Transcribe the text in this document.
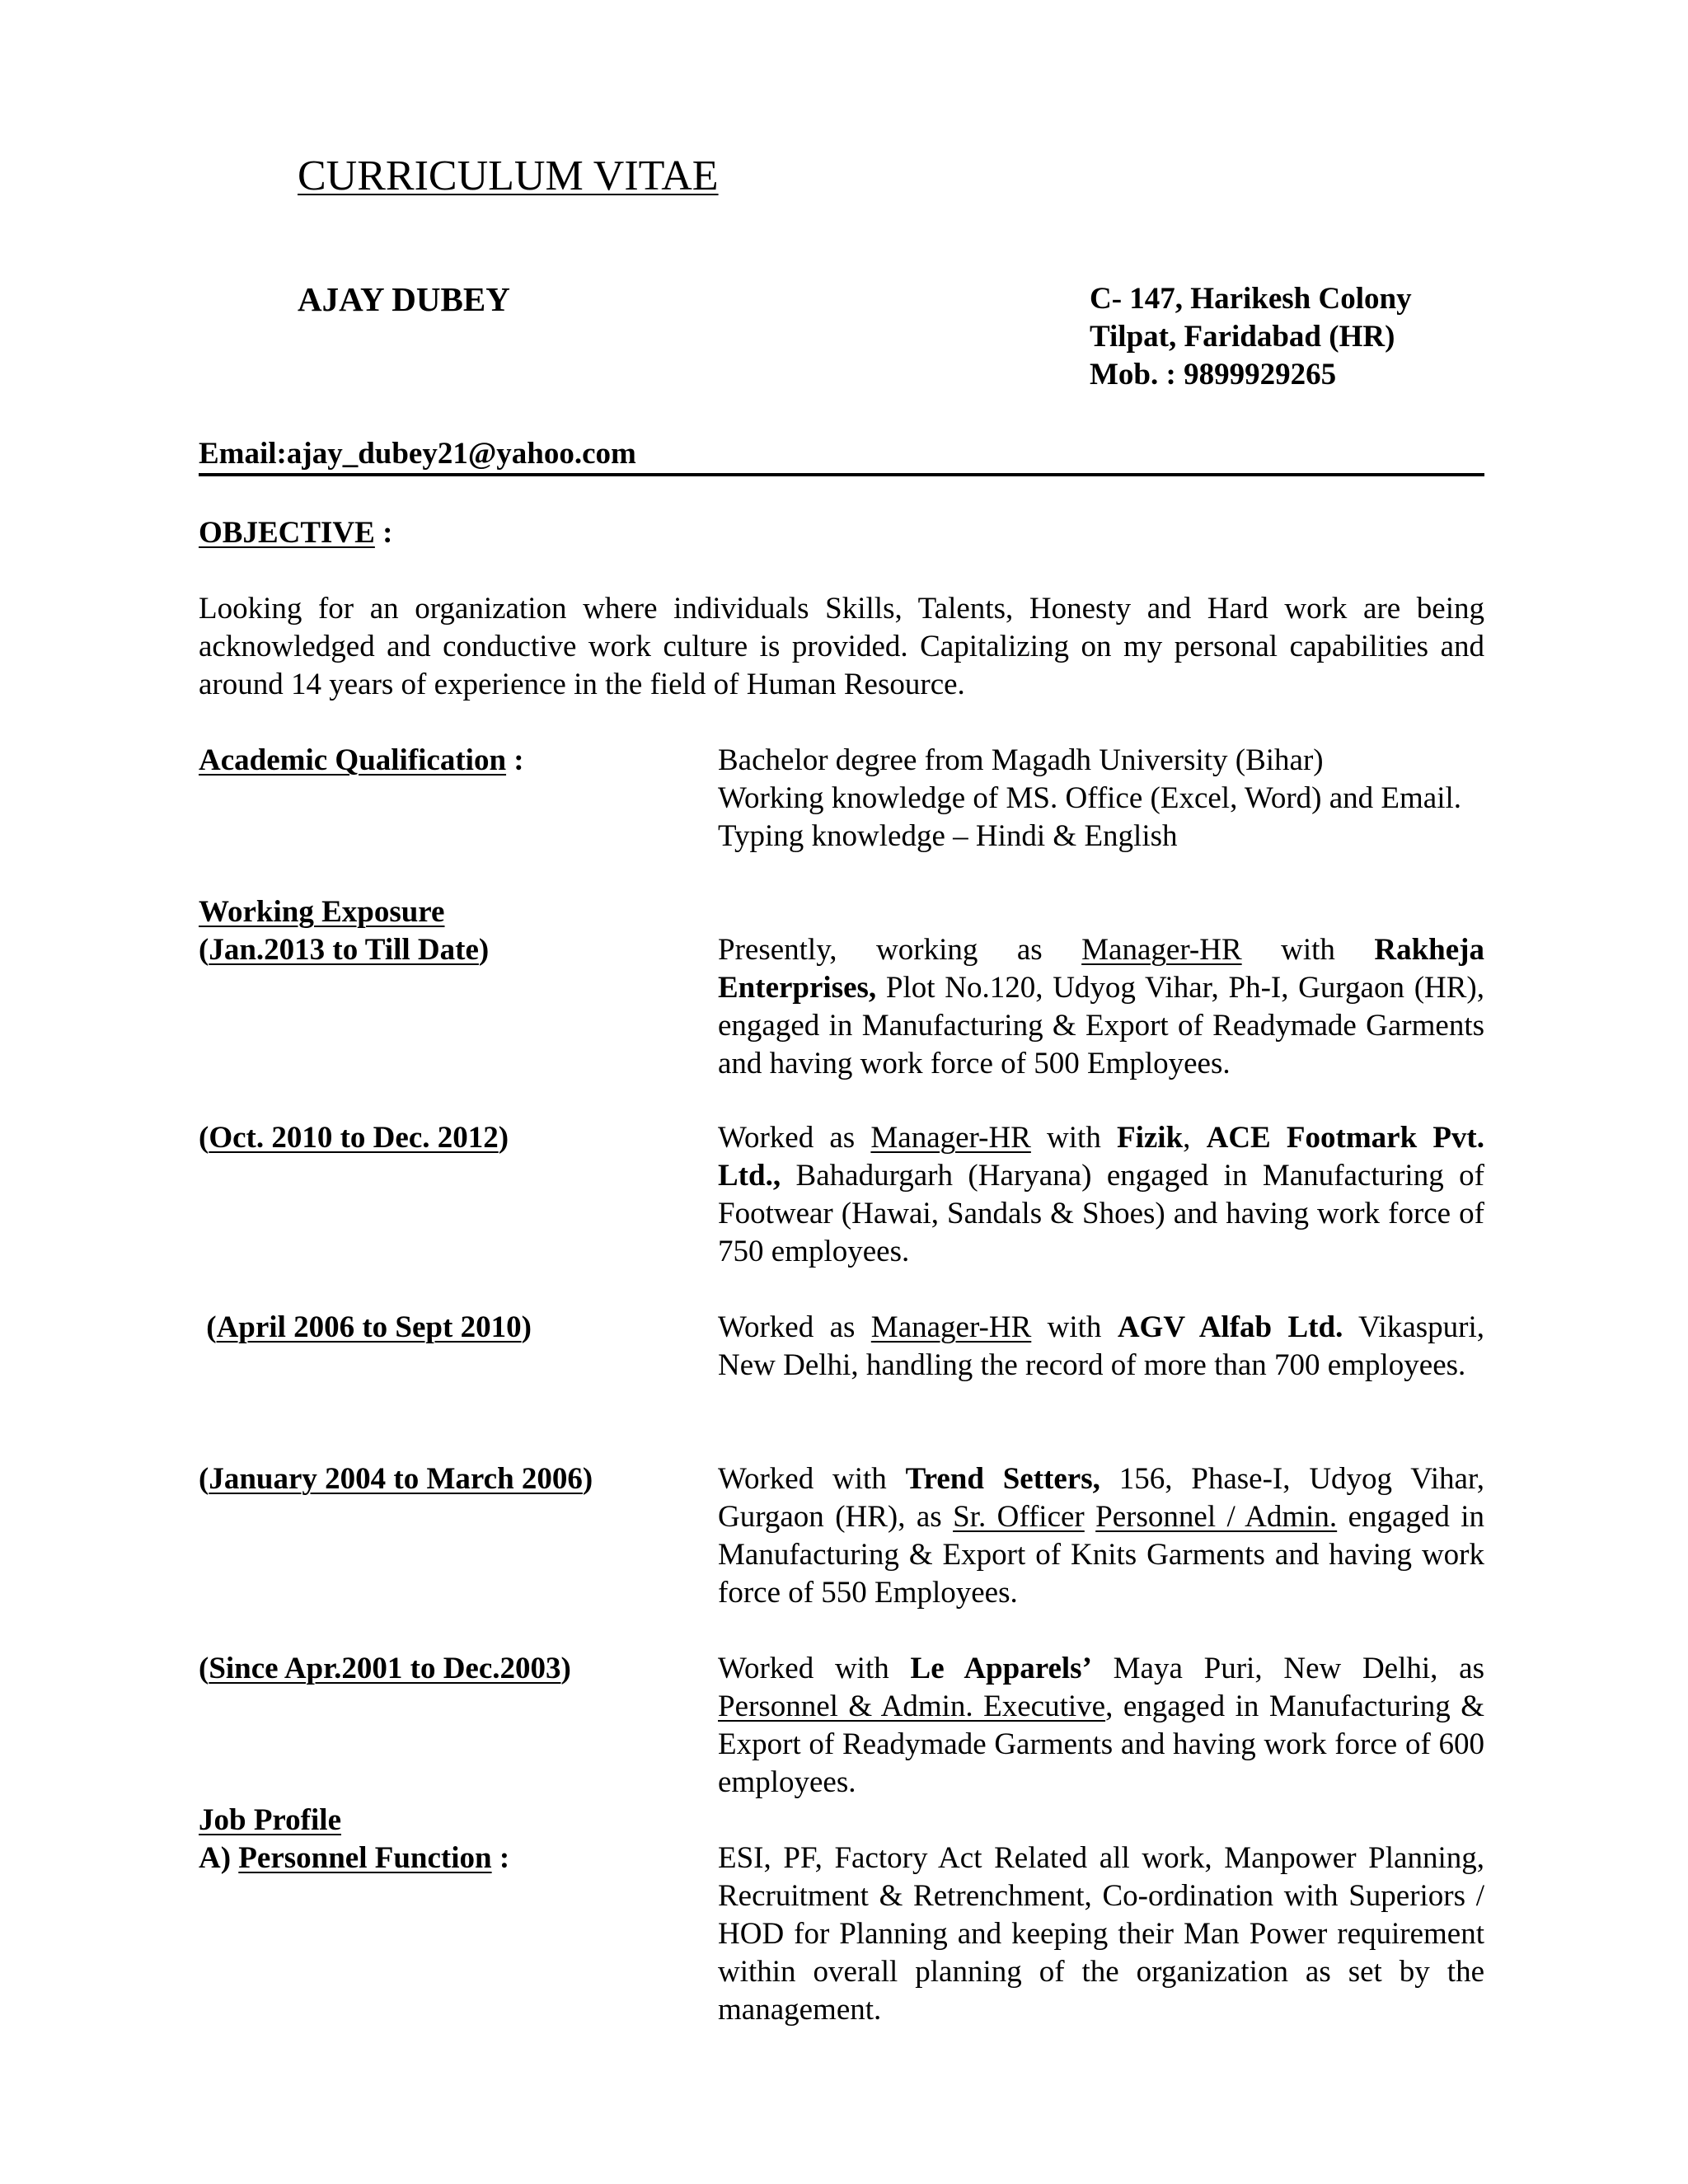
CURRICULUM VITAE
AJAY DUBEY	C- 147, Harikesh Colony
Tilpat, Faridabad (HR)
Mob. : 9899929265
Email:ajay_dubey21@yahoo.com
OBJECTIVE :
Looking for an organization where individuals Skills, Talents, Honesty and Hard work are being acknowledged and conductive work culture is provided. Capitalizing on my personal capabilities and around 14 years of experience in the field of Human Resource.
Academic Qualification :	Bachelor degree from Magadh University (Bihar)

Working knowledge of MS. Office (Excel, Word) and Email.

Typing knowledge – Hindi & English

Working Exposure
(Jan.2013 to Till Date)	Presently, working as Manager-HR with Rakheja Enterprises, Plot No.120, Udyog Vihar, Ph-I, Gurgaon (HR), engaged in Manufacturing & Export of Readymade Garments and having work force of 500 Employees.
(Oct. 2010 to Dec. 2012)	Worked as Manager-HR with Fizik, ACE Footmark Pvt. Ltd., Bahadurgarh (Haryana) engaged in Manufacturing of Footwear (Hawai, Sandals & Shoes) and having work force of 750 employees.
(April 2006 to Sept 2010)	Worked as Manager-HR with AGV Alfab Ltd. Vikaspuri, New Delhi, handling the record of more than 700 employees.
(January 2004 to March 2006)	Worked with Trend Setters, 156, Phase-I, Udyog Vihar, Gurgaon (HR), as Sr. Officer Personnel / Admin. engaged in Manufacturing & Export of Knits Garments and having work force of 550 Employees.
(Since Apr.2001 to Dec.2003)	Worked with Le Apparels’ Maya Puri, New Delhi, as Personnel & Admin. Executive, engaged in Manufacturing & Export of Readymade Garments and having work force of 600 employees.
Job Profile
A) Personnel Function :	ESI, PF, Factory Act Related all work, Manpower Planning, Recruitment & Retrenchment, Co-ordination with Superiors / HOD for Planning and keeping their Man Power requirement within overall planning of the organization as set by the management.
